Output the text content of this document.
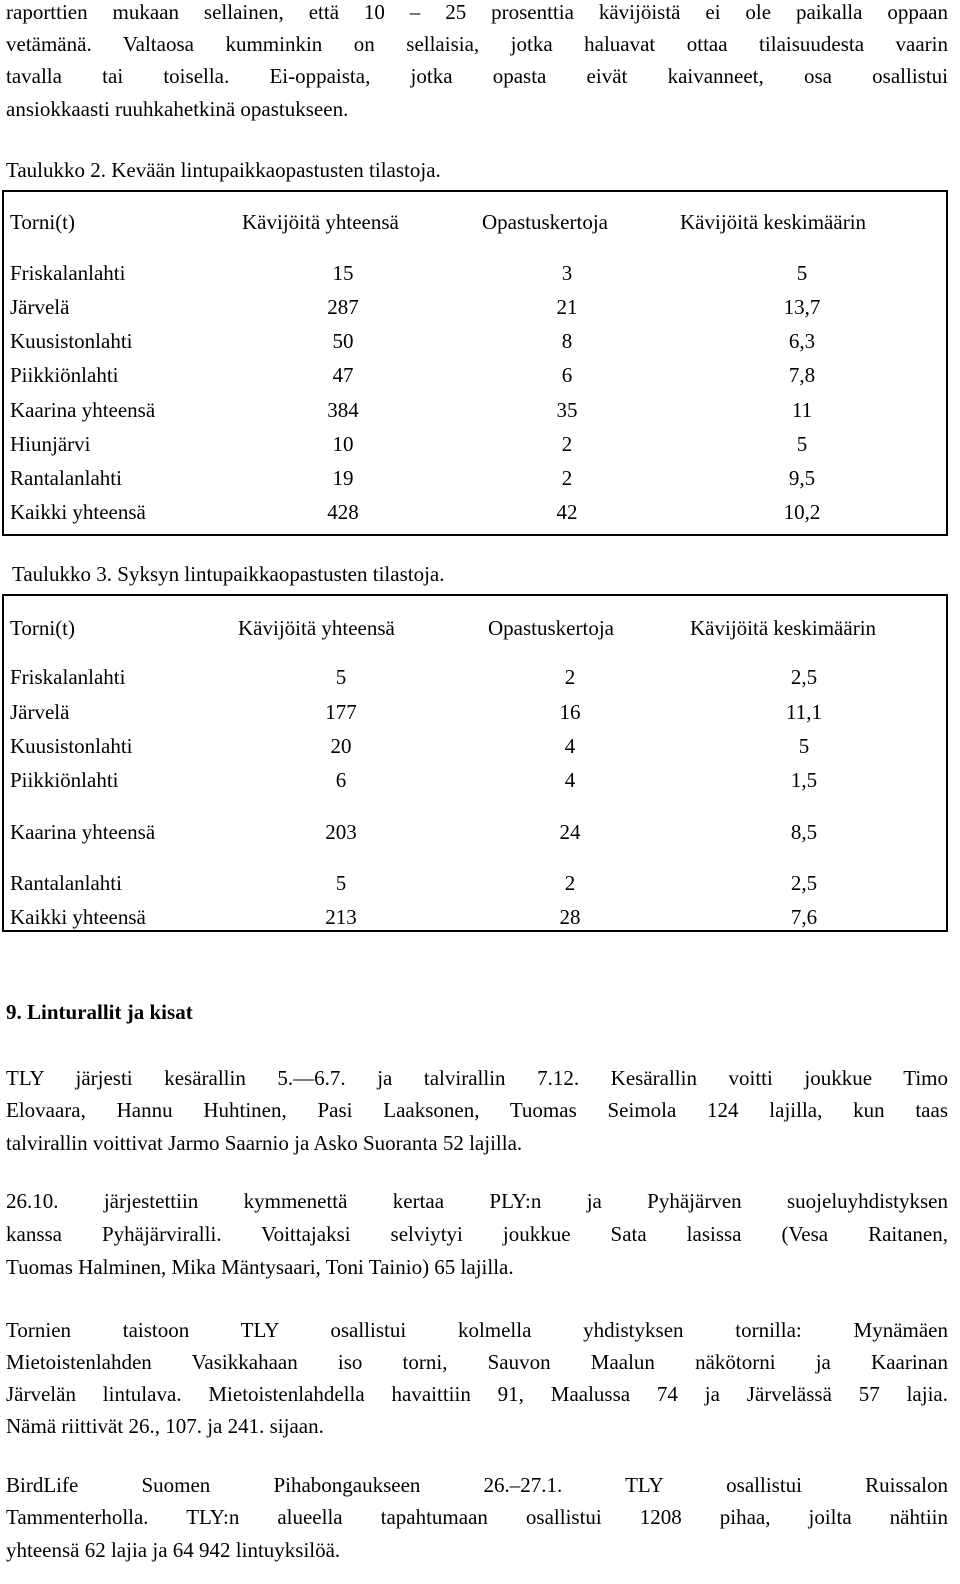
raporttien mukaan sellainen, että 10 – 25 prosenttia kävijöistä ei ole paikalla oppaan
vetämänä. Valtaosa kumminkin on sellaisia, jotka haluavat ottaa tilaisuudesta vaarin
tavalla tai toisella. Ei-oppaista, jotka opasta eivät kaivanneet, osa osallistui
ansiokkaasti ruuhkahetkinä opastukseen.
Taulukko 2. Kevään lintupaikkaopastusten tilastoja.
Torni(t)	Kävijöitä yhteensä	Opastuskertoja	Kävijöitä keskimäärin
Friskalanlahti	15	3	5
Järvelä	287	21	13,7
Kuusistonlahti	50	8	6,3
Piikkiönlahti	47	6	7,8
Kaarina yhteensä	384	35	11
Hiunjärvi	10	2	5
Rantalanlahti	19	2	9,5
Kaikki yhteensä	428	42	10,2
Taulukko 3. Syksyn lintupaikkaopastusten tilastoja.
Torni(t)	Kävijöitä yhteensä	Opastuskertoja	Kävijöitä keskimäärin
Friskalanlahti	5	2	2,5
Järvelä	177	16	11,1
Kuusistonlahti	20	4	5
Piikkiönlahti	6	4	1,5
Kaarina yhteensä	203	24	8,5
Rantalanlahti	5	2	2,5
Kaikki yhteensä	213	28	7,6
9. Linturallit ja kisat
TLY järjesti kesärallin 5.—6.7. ja talvirallin 7.12. Kesärallin voitti joukkue Timo
Elovaara, Hannu Huhtinen, Pasi Laaksonen, Tuomas Seimola 124 lajilla, kun taas
talvirallin voittivat Jarmo Saarnio ja Asko Suoranta 52 lajilla.
26.10. järjestettiin kymmenettä kertaa PLY:n ja Pyhäjärven suojeluyhdistyksen
kanssa Pyhäjärviralli. Voittajaksi selviytyi joukkue Sata lasissa (Vesa Raitanen,
Tuomas Halminen, Mika Mäntysaari, Toni Tainio) 65 lajilla.
Tornien taistoon TLY osallistui kolmella yhdistyksen tornilla: Mynämäen
Mietoistenlahden Vasikkahaan iso torni, Sauvon Maalun näkötorni ja Kaarinan
Järvelän lintulava. Mietoistenlahdella havaittiin 91, Maalussa 74 ja Järvelässä 57 lajia.
Nämä riittivät 26., 107. ja 241. sijaan.
BirdLife Suomen Pihabongaukseen 26.–27.1. TLY osallistui Ruissalon
Tammenterholla. TLY:n alueella tapahtumaan osallistui 1208 pihaa, joilta nähtiin
yhteensä 62 lajia ja 64 942 lintuyksilöä.
